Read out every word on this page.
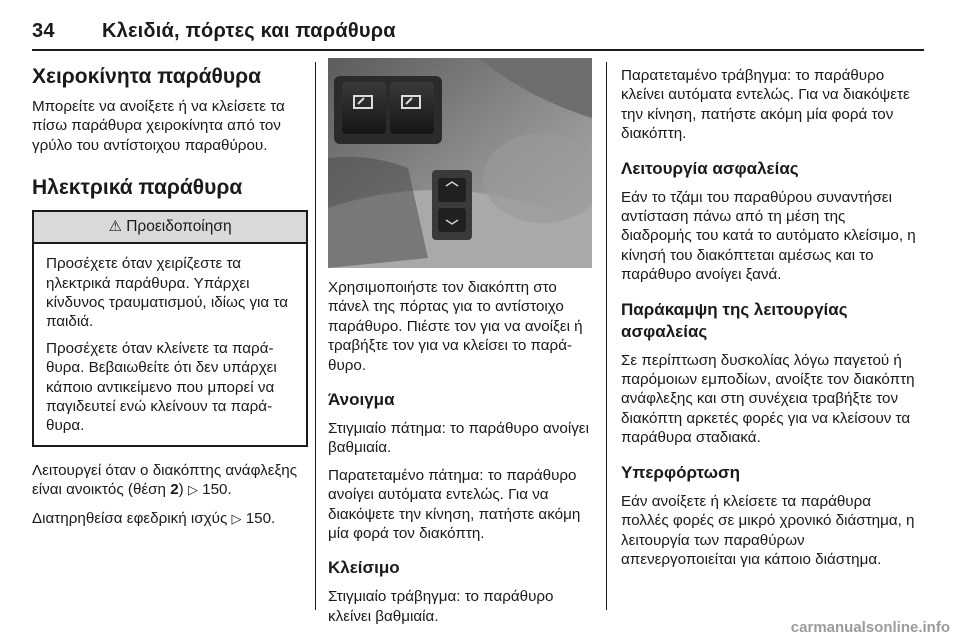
34 Κλειδιά, πόρτες και παράθυρα
Χειροκίνητα παράθυρα

Μπορείτε να ανοίξετε ή να κλείσετε τα πίσω παράθυρα χειροκίνητα από τον γρύλο του αντίστοιχου παραθύρου.

Ηλεκτρικά παράθυρα
⚠ Προειδοποίηση

Προσέχετε όταν χειρίζεστε τα ηλεκτρικά παράθυρα. Υπάρχει κίνδυνος τραυματισμού, ιδίως για τα παιδιά.

Προσέχετε όταν κλείνετε τα παράθυρα. Βεβαιωθείτε ότι δεν υπάρχει κάποιο αντικείμενο που μπορεί να παγιδευτεί ενώ κλείνουν τα παράθυρα.

Λειτουργεί όταν ο διακόπτης ανάφλεξης είναι ανοικτός (θέση 2) ▷ 150.

Διατηρηθείσα εφεδρική ισχύς ▷ 150.

Χρησιμοποιήστε τον διακόπτη στο πάνελ της πόρτας για το αντίστοιχο παράθυρο. Πιέστε τον για να ανοίξει ή τραβήξτε τον για να κλείσει το παράθυρο.

Άνοιγμα

Στιγμιαίο πάτημα: το παράθυρο ανοίγει βαθμιαία.

Παρατεταμένο πάτημα: το παράθυρο ανοίγει αυτόματα εντελώς. Για να διακόψετε την κίνηση, πατήστε ακόμη μία φορά τον διακόπτη.

Κλείσιμο

Στιγμιαίο τράβηγμα: το παράθυρο κλείνει βαθμιαία.

Παρατεταμένο τράβηγμα: το παράθυρο κλείνει αυτόματα εντελώς. Για να διακόψετε την κίνηση, πατήστε ακόμη μία φορά τον διακόπτη.

Λειτουργία ασφαλείας

Εάν το τζάμι του παραθύρου συναντήσει αντίσταση πάνω από τη μέση της διαδρομής του κατά το αυτόματο κλείσιμο, η κίνησή του διακόπτεται αμέσως και το παράθυρο ανοίγει ξανά.

Παράκαμψη της λειτουργίας ασφαλείας

Σε περίπτωση δυσκολίας λόγω παγετού ή παρόμοιων εμποδίων, ανοίξτε τον διακόπτη ανάφλεξης και στη συνέχεια τραβήξτε τον διακόπτη αρκετές φορές για να κλείσουν τα παράθυρα σταδιακά.

Υπερφόρτωση

Εάν ανοίξετε ή κλείσετε τα παράθυρα πολλές φορές σε μικρό χρονικό διάστημα, η λειτουργία των παραθύρων απενεργοποιείται για κάποιο διάστημα.

carmanualsonline.info
